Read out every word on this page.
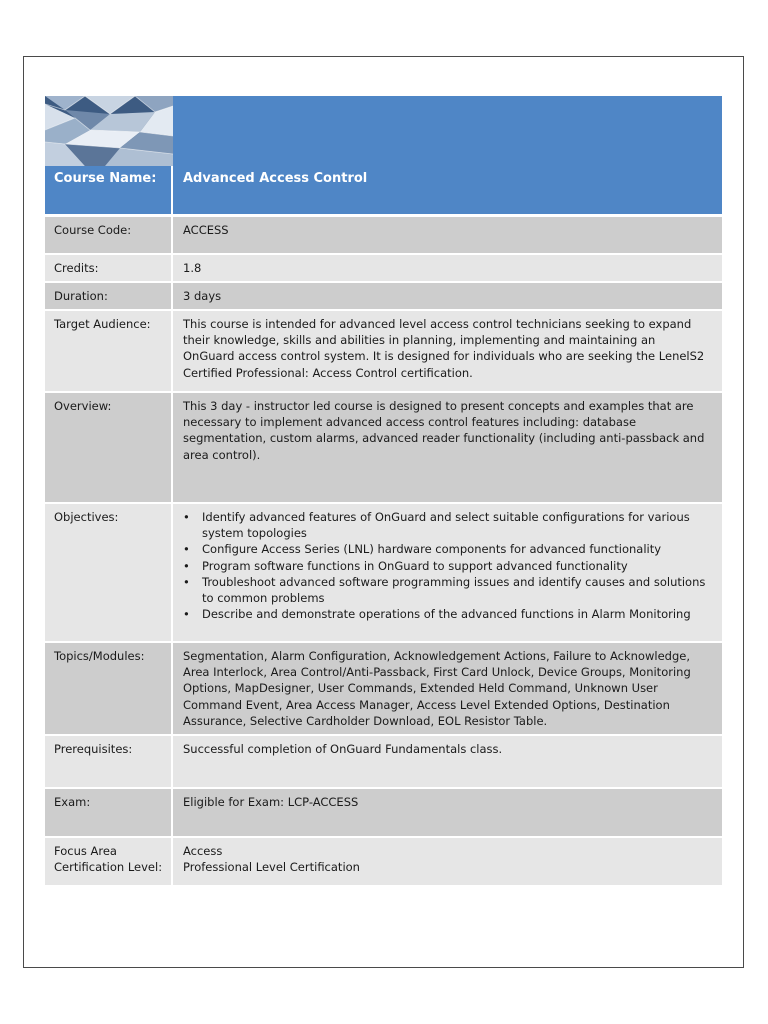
Course Name:	Advanced Access Control
Course Code:	ACCESS
Credits:	1.8
Duration:	3 days
Target Audience:	This course is intended for advanced level access control technicians seeking to expand their knowledge, skills and abilities in planning, implementing and maintaining an OnGuard access control system. It is designed for individuals who are seeking the LenelS2 Certified Professional: Access Control certification.
Overview:	This 3 day - instructor led course is designed to present concepts and examples that are necessary to implement advanced access control features including: database segmentation, custom alarms, advanced reader functionality (including anti-passback and area control).
Objectives:
•	Identify advanced features of OnGuard and select suitable configurations for various system topologies
• Configure Access Series (LNL) hardware components for advanced functionality
• Program software functions in OnGuard to support advanced functionality
• Troubleshoot advanced software programming issues and identify causes and solutions to common problems
• Describe and demonstrate operations of the advanced functions in Alarm Monitoring
Topics/Modules:	Segmentation, Alarm Configuration, Acknowledgement Actions, Failure to Acknowledge, Area Interlock, Area Control/Anti-Passback, First Card Unlock, Device Groups, Monitoring Options, MapDesigner, User Commands, Extended Held Command, Unknown User Command Event, Area Access Manager, Access Level Extended Options, Destination Assurance, Selective Cardholder Download, EOL Resistor Table.
Prerequisites:	Successful completion of OnGuard Fundamentals class.
Exam:	Eligible for Exam: LCP-ACCESS
Focus Area
Certification Level:
Access
Professional Level Certification
